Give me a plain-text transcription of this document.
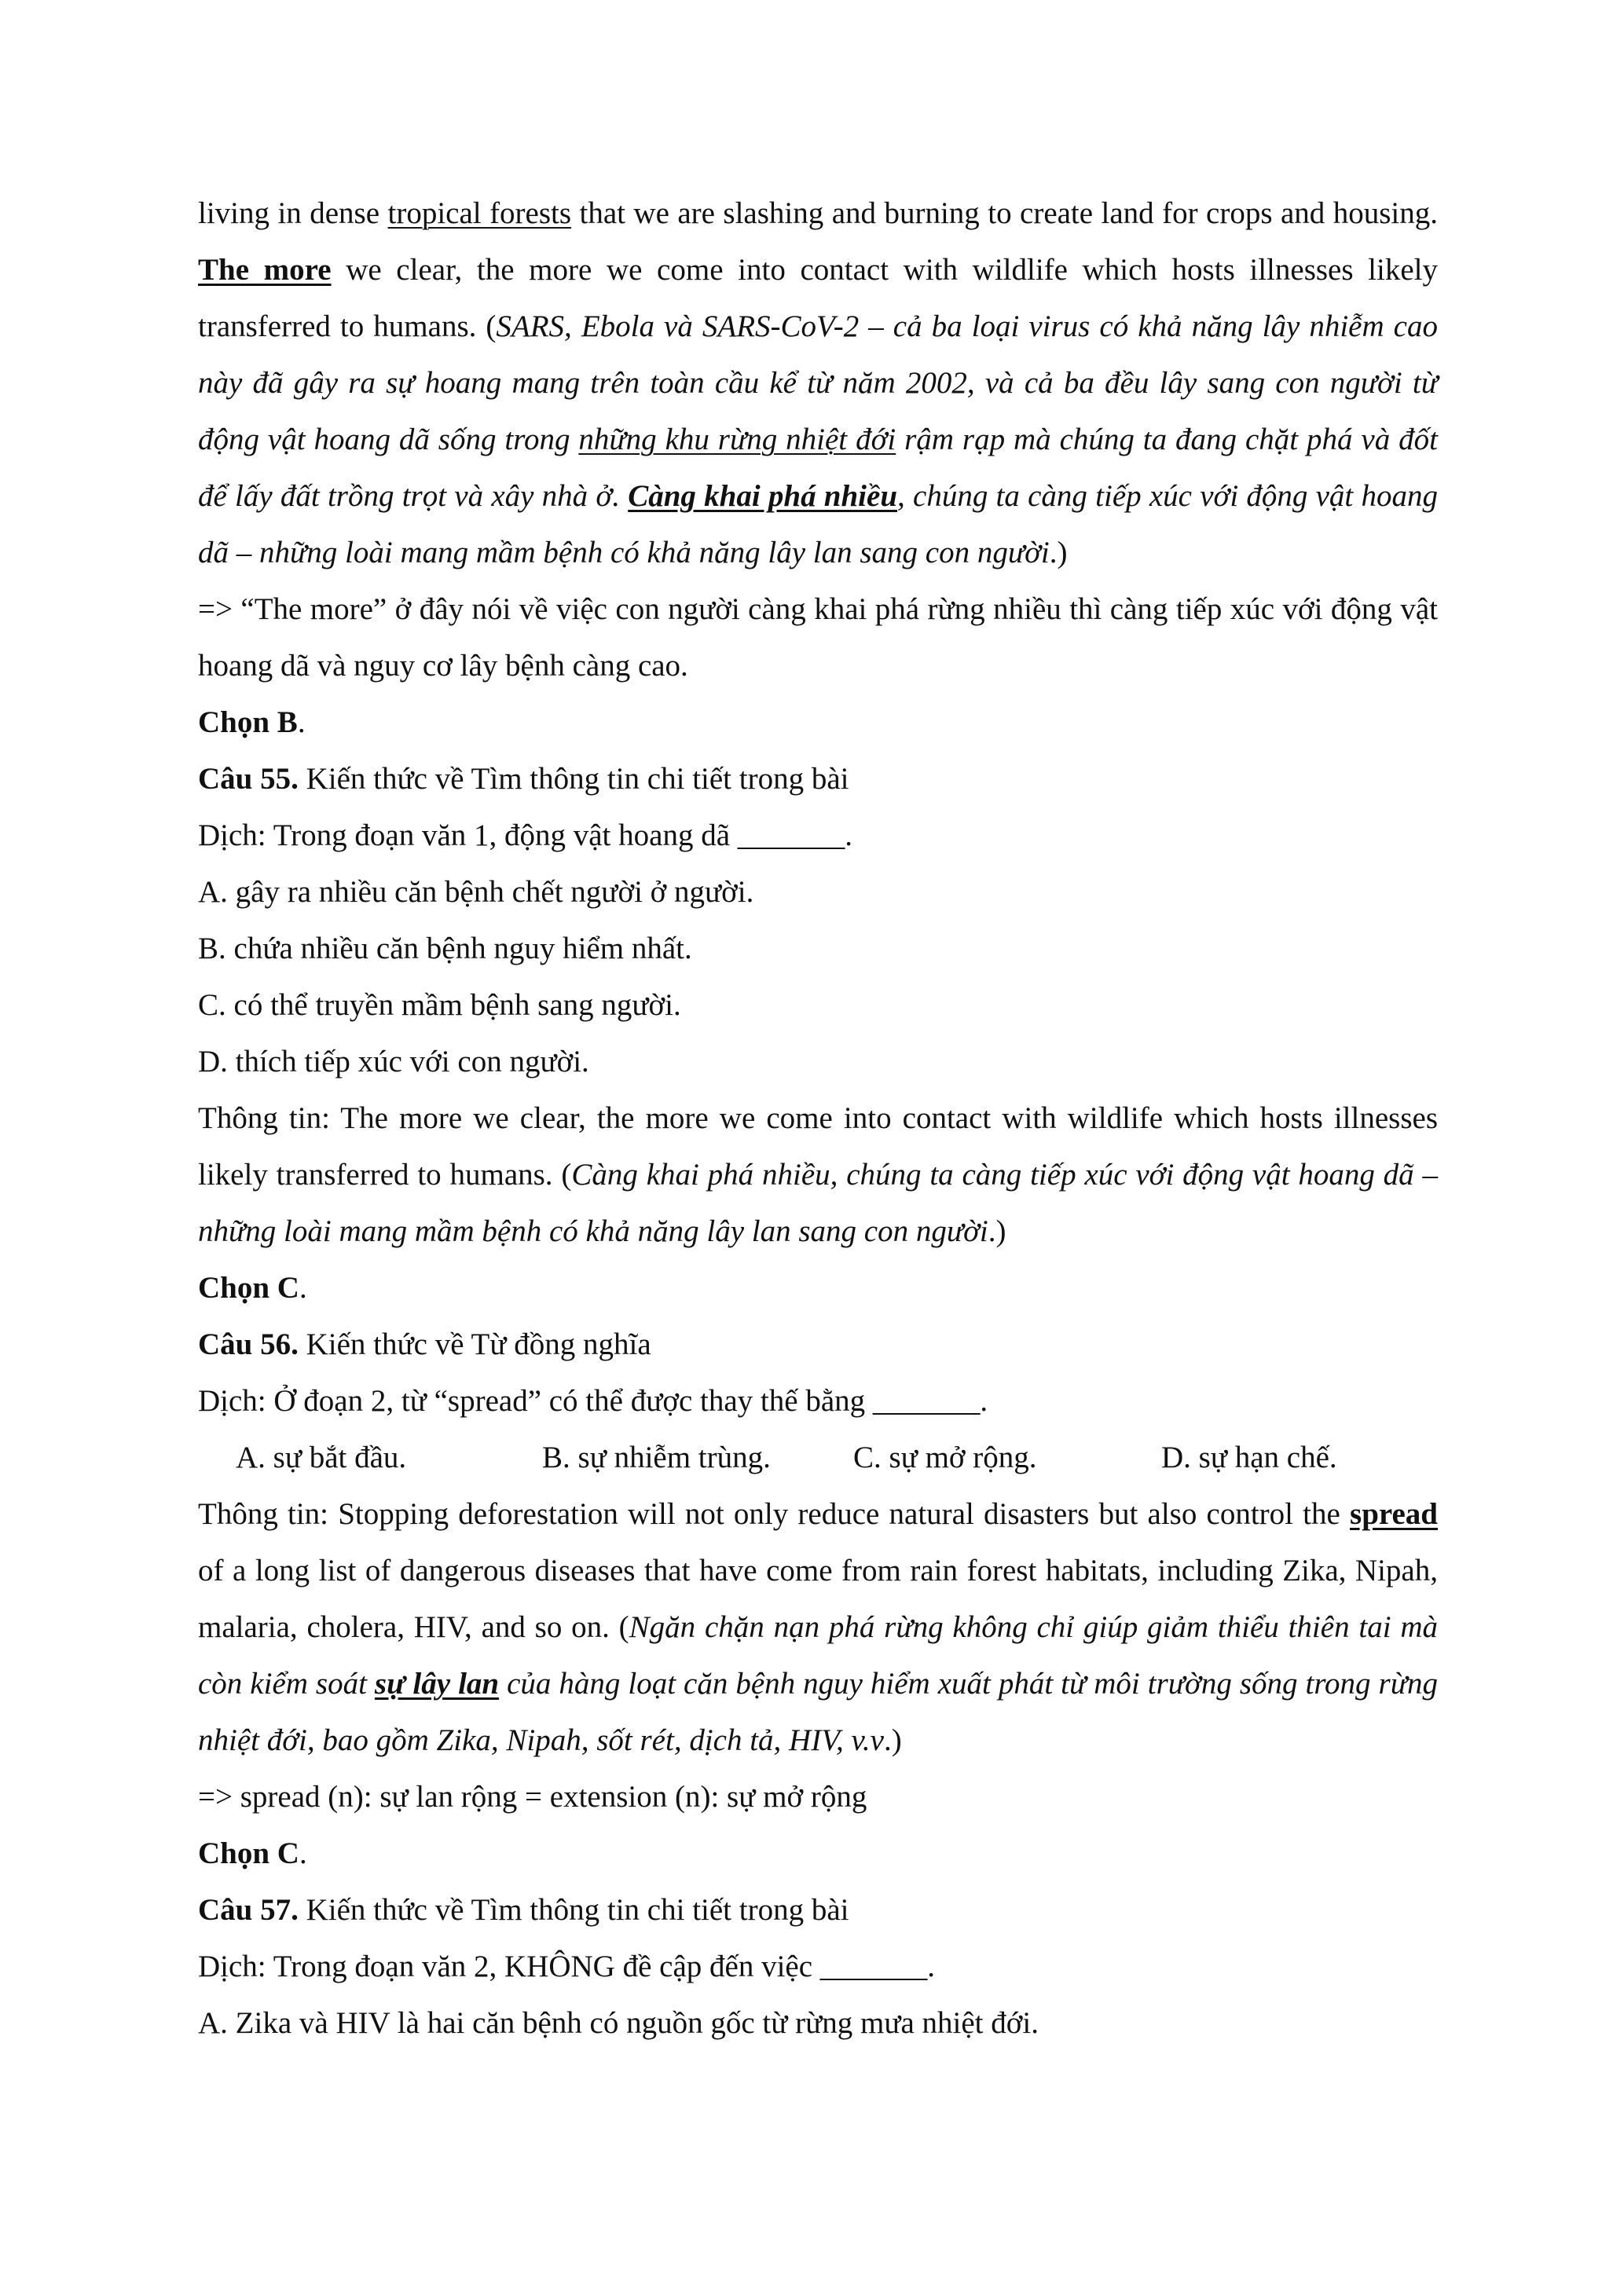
living in dense tropical forests that we are slashing and burning to create land for crops and housing. The more we clear, the more we come into contact with wildlife which hosts illnesses likely transferred to humans. (SARS, Ebola và SARS-CoV-2 – cả ba loại virus có khả năng lây nhiễm cao này đã gây ra sự hoang mang trên toàn cầu kể từ năm 2002, và cả ba đều lây sang con người từ động vật hoang dã sống trong những khu rừng nhiệt đới rậm rạp mà chúng ta đang chặt phá và đốt để lấy đất trồng trọt và xây nhà ở. Càng khai phá nhiều, chúng ta càng tiếp xúc với động vật hoang dã – những loài mang mầm bệnh có khả năng lây lan sang con người.)

=> “The more” ở đây nói về việc con người càng khai phá rừng nhiều thì càng tiếp xúc với động vật hoang dã và nguy cơ lây bệnh càng cao.

Chọn B.

Câu 55. Kiến thức về Tìm thông tin chi tiết trong bài

Dịch: Trong đoạn văn 1, động vật hoang dã _______.

A. gây ra nhiều căn bệnh chết người ở người.

B. chứa nhiều căn bệnh nguy hiểm nhất.

C. có thể truyền mầm bệnh sang người.

D. thích tiếp xúc với con người.

Thông tin: The more we clear, the more we come into contact with wildlife which hosts illnesses likely transferred to humans. (Càng khai phá nhiều, chúng ta càng tiếp xúc với động vật hoang dã – những loài mang mầm bệnh có khả năng lây lan sang con người.)

Chọn C.

Câu 56. Kiến thức về Từ đồng nghĩa

Dịch: Ở đoạn 2, từ “spread” có thể được thay thế bằng _______.

A. sự bắt đầu.	B. sự nhiễm trùng.	C. sự mở rộng.	D. sự hạn chế.

Thông tin: Stopping deforestation will not only reduce natural disasters but also control the spread of a long list of dangerous diseases that have come from rain forest habitats, including Zika, Nipah, malaria, cholera, HIV, and so on. (Ngăn chặn nạn phá rừng không chỉ giúp giảm thiểu thiên tai mà còn kiểm soát sự lây lan của hàng loạt căn bệnh nguy hiểm xuất phát từ môi trường sống trong rừng nhiệt đới, bao gồm Zika, Nipah, sốt rét, dịch tả, HIV, v.v.)

=> spread (n): sự lan rộng = extension (n): sự mở rộng

Chọn C.

Câu 57. Kiến thức về Tìm thông tin chi tiết trong bài

Dịch: Trong đoạn văn 2, KHÔNG đề cập đến việc _______.

A. Zika và HIV là hai căn bệnh có nguồn gốc từ rừng mưa nhiệt đới.
